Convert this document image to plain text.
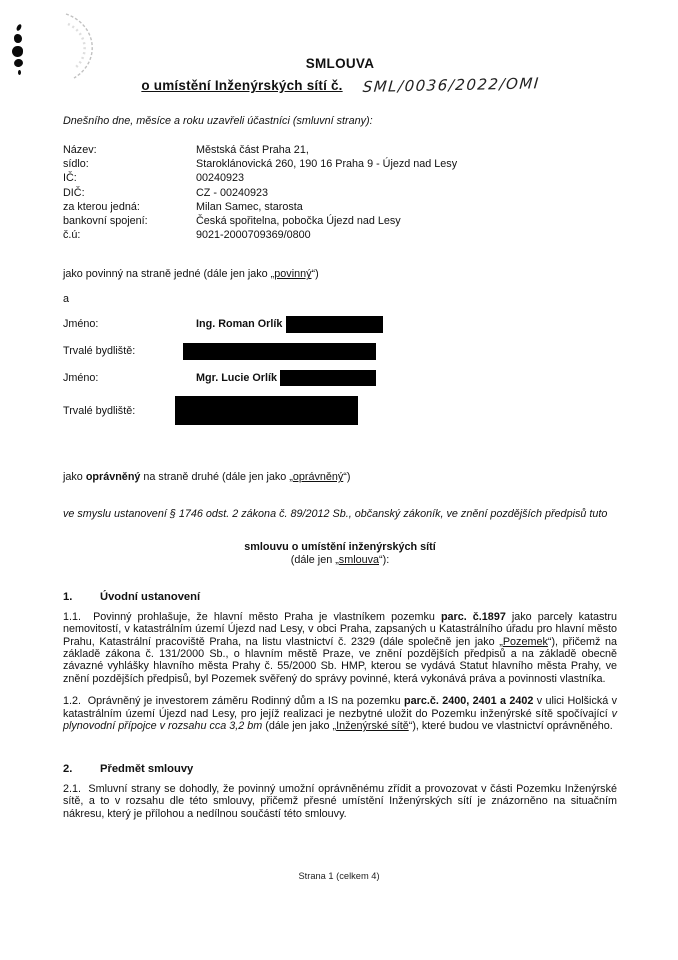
SMLOUVA
o umístění Inženýrských sítí č. SML/0036/2022/OMI
Dnešního dne, měsíce a roku uzavřeli účastníci (smluvní strany):
Název:	Městská část Praha 21,
sídlo:	Staroklánovická 260, 190 16 Praha 9 - Újezd nad Lesy
IČ:	00240923
DIČ:	CZ - 00240923
za kterou jedná:	Milan Samec, starosta
bankovní spojení:	Česká spořitelna, pobočka Újezd nad Lesy
č.ú:	9021-2000709369/0800
jako povinný na straně jedné (dále jen jako „povinný“)
a
Jméno:	Ing. Roman Orlík
Trvalé bydliště:
Jméno:	Mgr. Lucie Orlík
Trvalé bydliště:
jako oprávněný na straně druhé (dále jen jako „oprávněný“)
ve smyslu ustanovení § 1746 odst. 2 zákona č. 89/2012 Sb., občanský zákoník, ve znění pozdějších předpisů tuto
smlouvu o umístění inženýrských sítí
(dále jen „smlouva“):
1.	Úvodní ustanovení
1.1.  Povinný prohlašuje, že hlavní město Praha je vlastníkem pozemku parc. č.1897 jako parcely katastru nemovitostí, v katastrálním území Újezd nad Lesy, v obci Praha, zapsaných u Katastrálního úřadu pro hlavní město Prahu, Katastrální pracoviště Praha, na listu vlastnictví č. 2329 (dále společně jen jako „Pozemek“), přičemž na základě zákona č. 131/2000 Sb., o hlavním městě Praze, ve znění pozdějších předpisů a na základě obecně závazné vyhlášky hlavního města Prahy č. 55/2000 Sb. HMP, kterou se vydává Statut hlavního města Prahy, ve znění pozdějších předpisů, byl Pozemek svěřený do správy povinné, která vykonává práva a povinnosti vlastníka.
1.2.  Oprávněný je investorem záměru Rodinný dům a IS na pozemku parc.č. 2400, 2401 a 2402 v ulici Holšická v katastrálním území Újezd nad Lesy, pro jejíž realizaci je nezbytné uložit do Pozemku inženýrské sítě spočívající v plynovodní přípojce v rozsahu cca 3,2 bm (dále jen jako „Inženýrské sítě“), které budou ve vlastnictví oprávněného.
2.	Předmět smlouvy
2.1.  Smluvní strany se dohodly, že povinný umožní oprávněnému zřídit a provozovat v části Pozemku Inženýrské sítě, a to v rozsahu dle této smlouvy, přičemž přesné umístění Inženýrských sítí je znázorněno na situačním nákresu, který je přílohou a nedílnou součástí této smlouvy.
Strana 1 (celkem 4)
